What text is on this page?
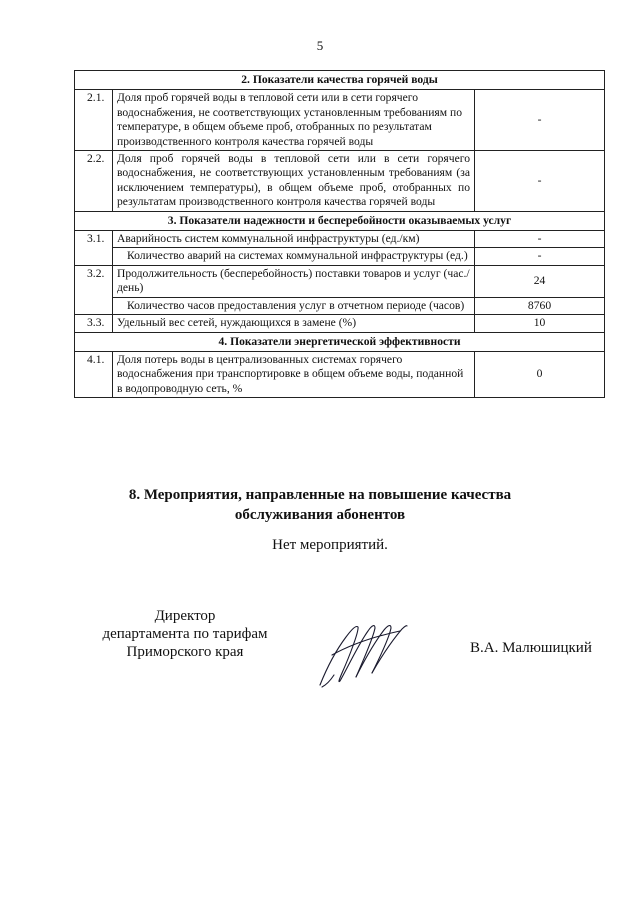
5
2. Показатели качества горячей воды		
2.1.	Доля проб горячей воды в тепловой сети или в сети горячего водоснабжения, не соответствующих установленным требованиям по температуре, в общем объеме проб, отобранных по результатам производственного контроля качества горячей воды	-
2.2.	Доля проб горячей воды в тепловой сети или в сети горячего водоснабжения, не соответствующих установленным требованиям (за исключением температуры), в общем объеме проб, отобранных по результатам производственного контроля качества горячей воды	-
3. Показатели надежности и бесперебойности оказываемых услуг		
3.1.	Аварийность систем коммунальной инфраструктуры (ед./км)	-
	Количество аварий на системах коммунальной инфраструктуры (ед.)	-
3.2.	Продолжительность (бесперебойность) поставки товаров и услуг (час./день)	24
	Количество часов предоставления услуг в отчетном периоде (часов)	8760
3.3.	Удельный вес сетей, нуждающихся в замене (%)	10
4. Показатели энергетической эффективности		
4.1.	Доля потерь воды в централизованных системах горячего водоснабжения при транспортировке в общем объеме воды, поданной в водопроводную сеть, %	0
8. Мероприятия, направленные на повышение качества
обслуживания абонентов
Нет мероприятий.
Директор
департамента по тарифам
Приморского края	В.А. Малюшицкий
